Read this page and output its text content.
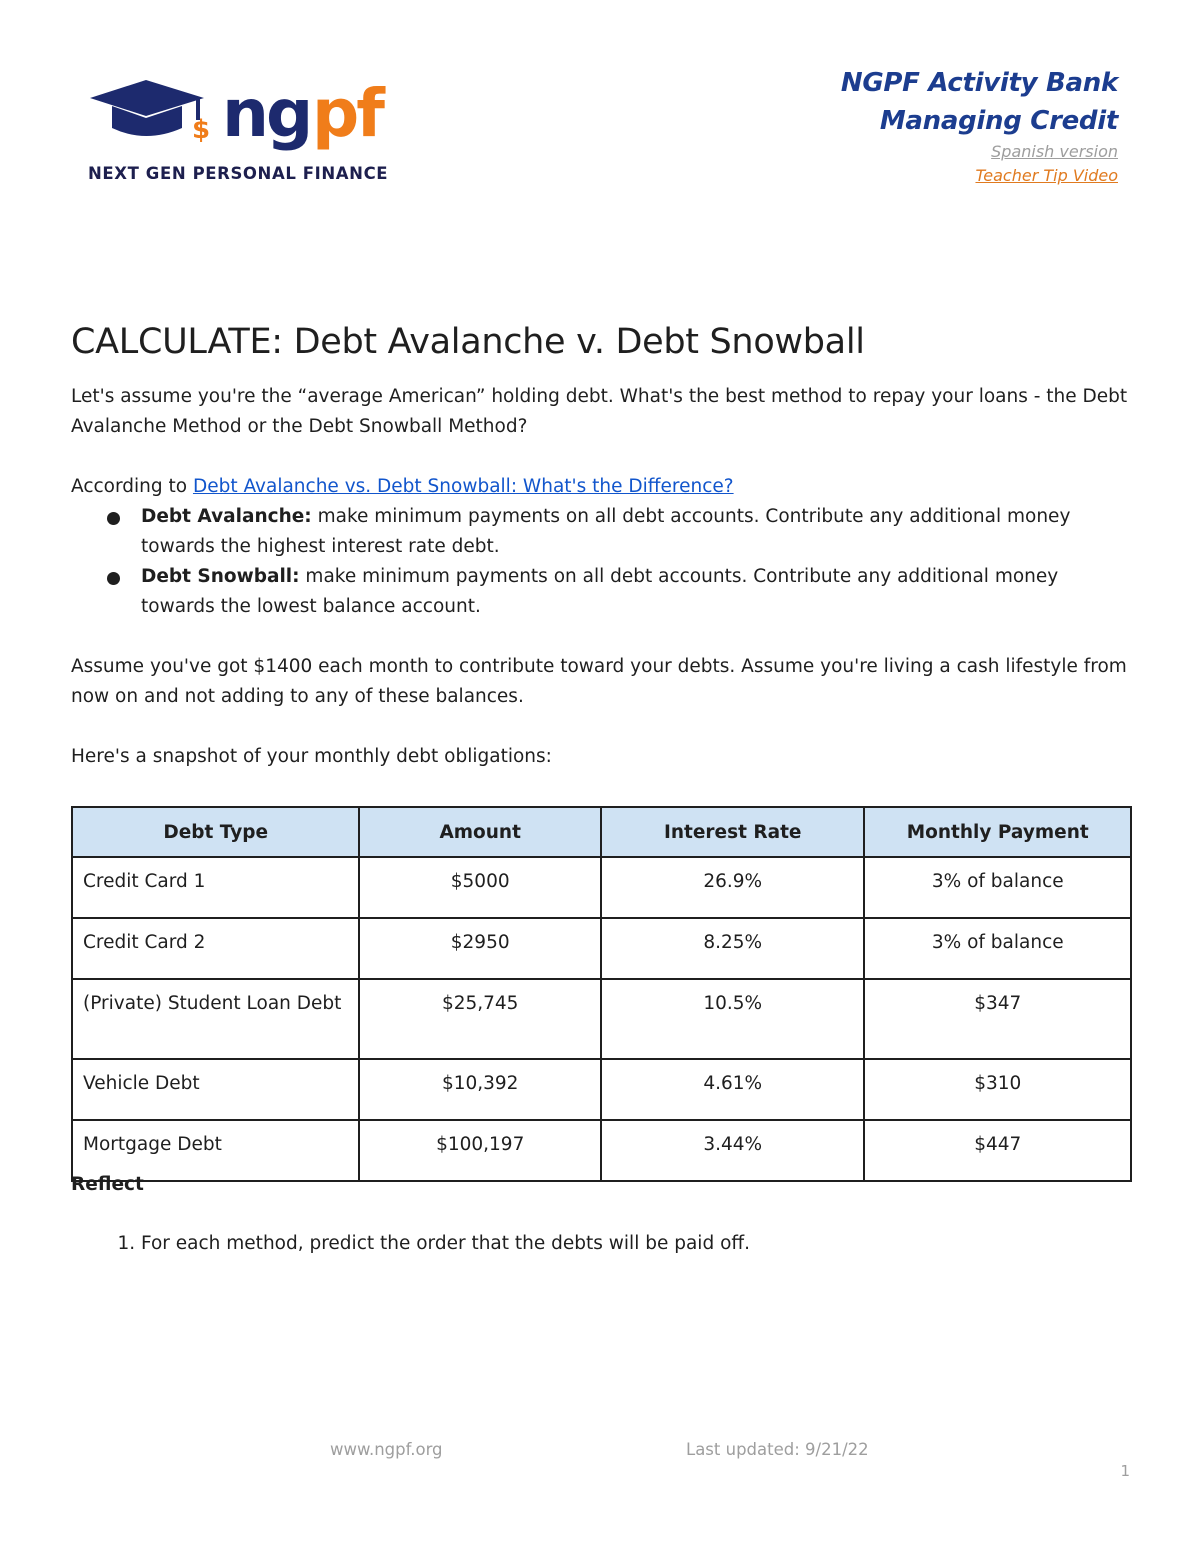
$ ng pf
NEXT GEN PERSONAL FINANCE
NGPF Activity Bank
Managing Credit
Spanish version
Teacher Tip Video
CALCULATE: Debt Avalanche v. Debt Snowball

Let's assume you're the “average American” holding debt. What's the best method to repay your loans - the Debt Avalanche Method or the Debt Snowball Method?

According to Debt Avalanche vs. Debt Snowball: What's the Difference?

Debt Avalanche: make minimum payments on all debt accounts. Contribute any additional money towards the highest interest rate debt.
Debt Snowball: make minimum payments on all debt accounts. Contribute any additional money towards the lowest balance account.

Assume you've got $1400 each month to contribute toward your debts. Assume you're living a cash lifestyle from now on and not adding to any of these balances.

Here's a snapshot of your monthly debt obligations:

Debt Type	Amount	Interest Rate	Monthly Payment
Credit Card 1	$5000	26.9%	3% of balance
Credit Card 2	$2950	8.25%	3% of balance
(Private) Student Loan Debt	$25,745	10.5%	$347
Vehicle Debt	$10,392	4.61%	$310
Mortgage Debt	$100,197	3.44%	$447
Reflect
1. For each method, predict the order that the debts will be paid off.
www.ngpf.org	Last updated: 9/21/22
1
